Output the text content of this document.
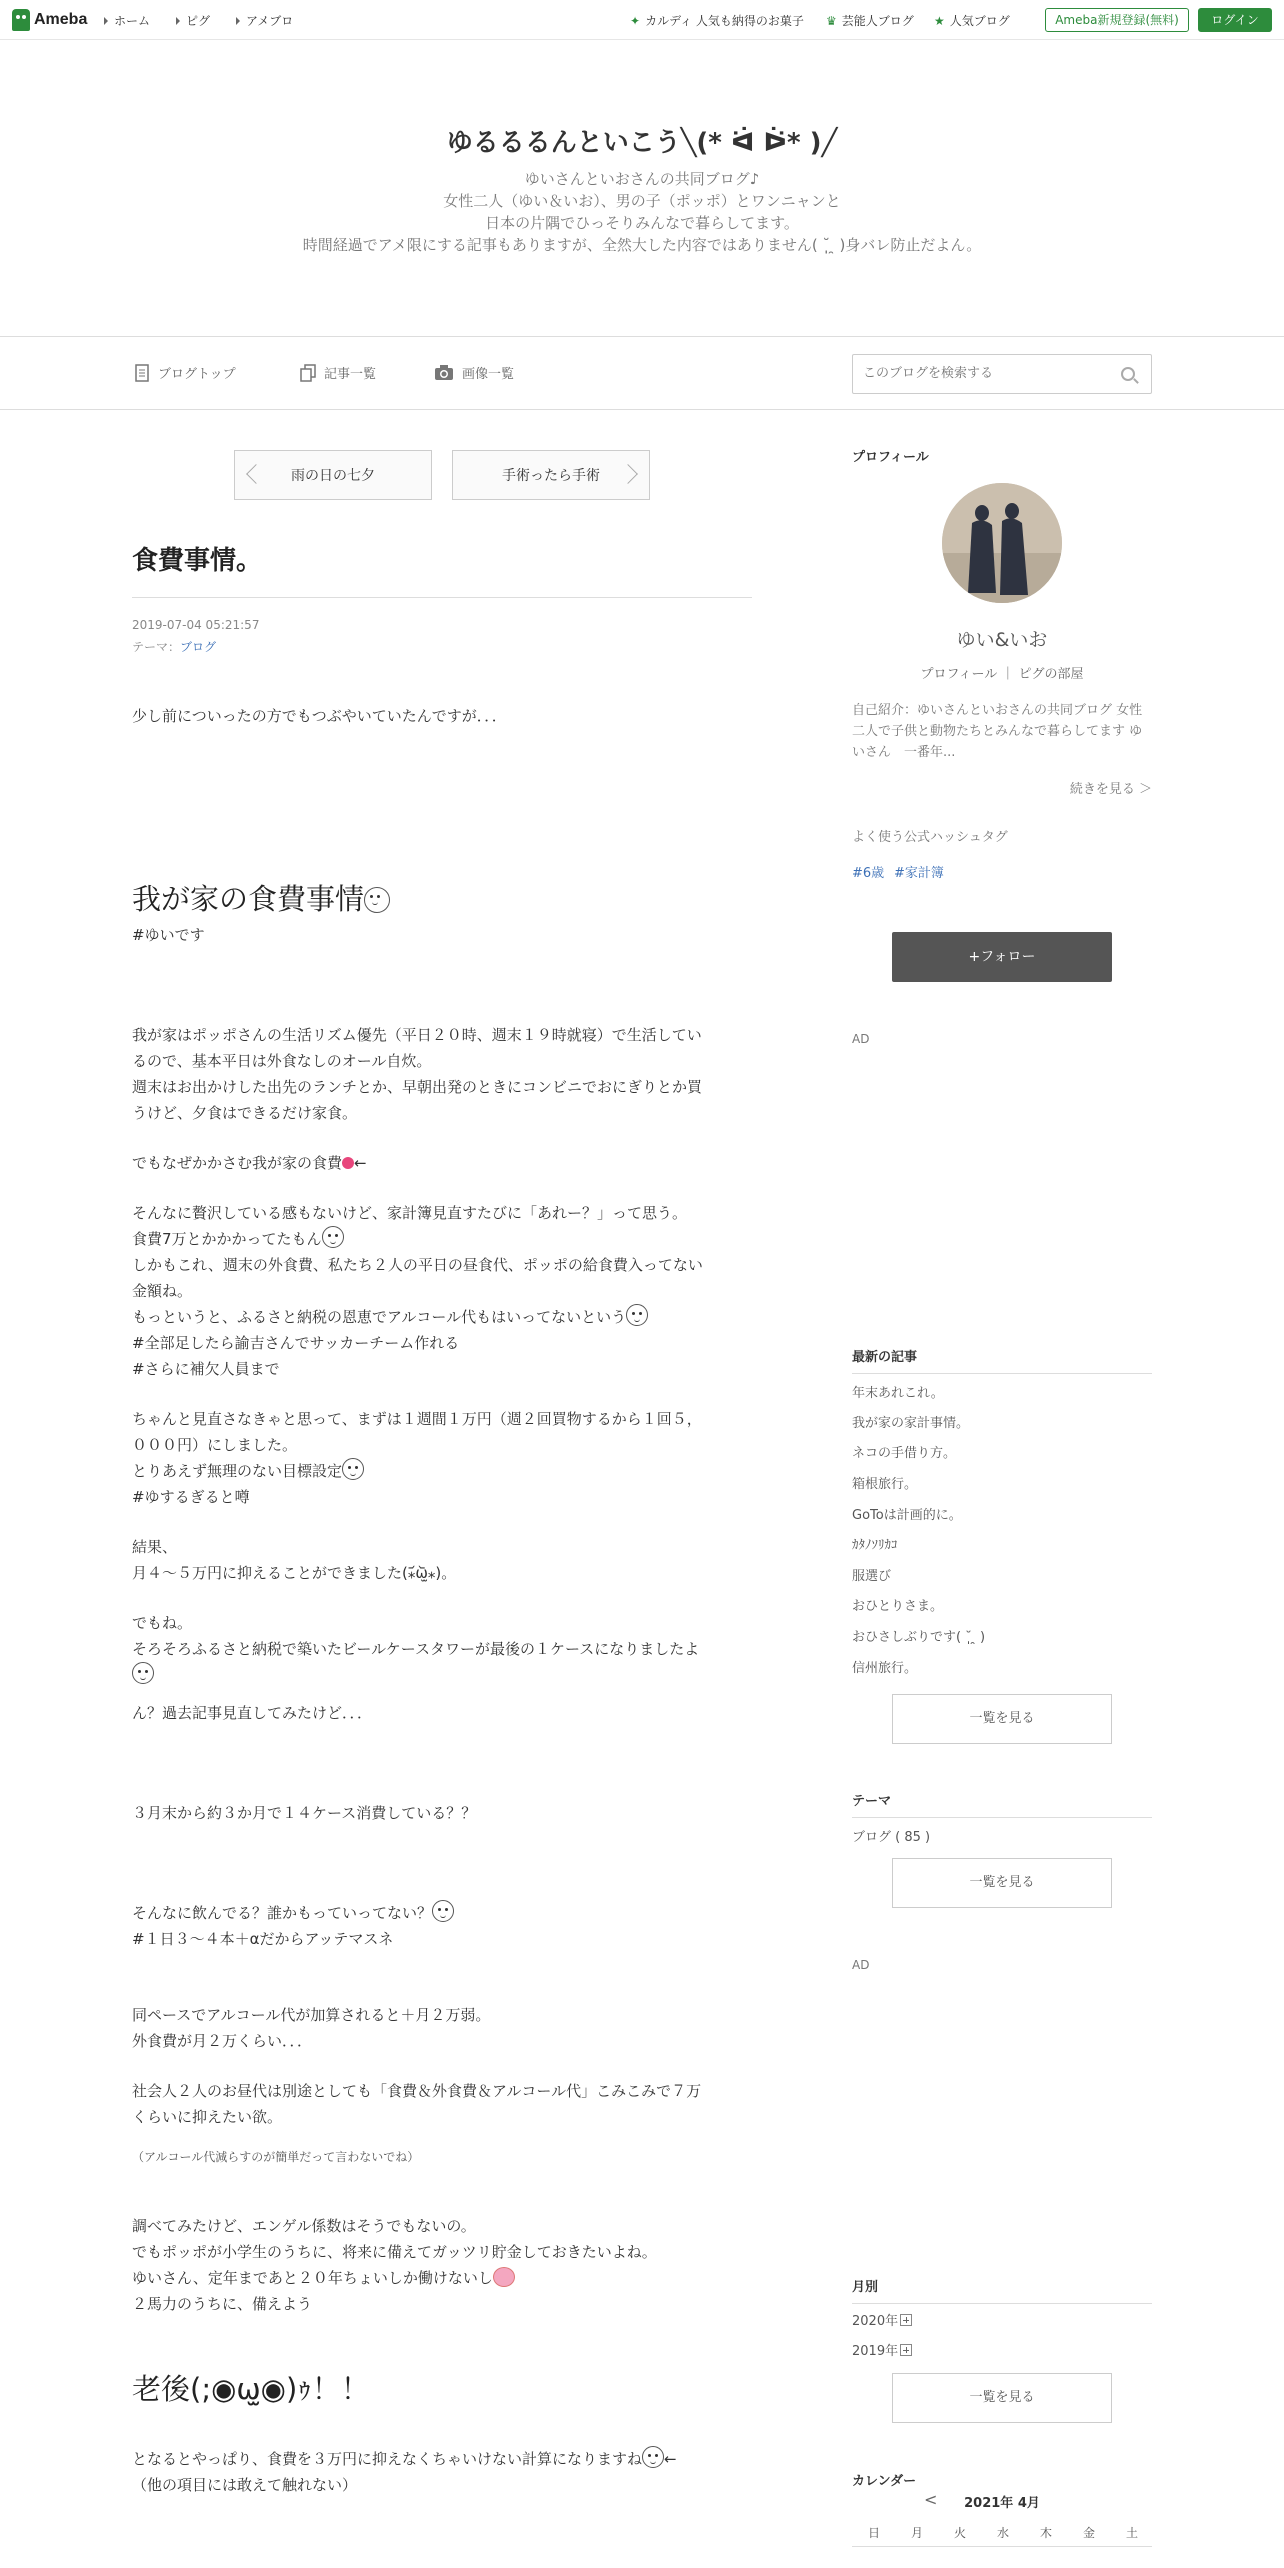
Ameba ホーム	ピグ	アメブロ	✦ カルディ 人気も納得のお菓子 ♛ 芸能人ブログ ★ 人気ブログ	Ameba新規登録(無料)	ログイン
ゆるるるんといこう╲(* ᐛ ᐖ* )╱
ゆいさんといおさんの共同ブログ♪
女性二人（ゆい＆いお）、男の子（ポッポ）とワンニャンと
日本の片隅でひっそりみんなで暮らしてます。
時間経過でアメ限にする記事もありますが、全然大した内容ではありません( ˘̩̩̩ ̯ )身バレ防止だよん。
ブログトップ	記事一覧	画像一覧
このブログを検索する
雨の日の七夕	手術ったら手術
食費事情。
2019-07-04 05:21:57
テーマ：ブログ
少し前についったの方でもつぶやいていたんですが．．．
我が家の食費事情
#ゆいです
我が家はポッポさんの生活リズム優先（平日２０時、週末１９時就寝）で生活してい
るので、基本平日は外食なしのオール自炊。
週末はお出かけした出先のランチとか、早朝出発のときにコンビニでおにぎりとか買
うけど、夕食はできるだけ家食。
でもなぜかかさむ我が家の食費 ←
そんなに贅沢している感もないけど、家計簿見直すたびに「あれー？」って思う。
食費7万とかかかってたもん
しかもこれ、週末の外食費、私たち２人の平日の昼食代、ポッポの給食費入ってない
金額ね。
もっというと、ふるさと納税の恩恵でアルコール代もはいってないという
#全部足したら諭吉さんでサッカーチーム作れる
#さらに補欠人員まで
ちゃんと見直さなきゃと思って、まずは１週間１万円（週２回買物するから１回５，
０００円）にしました。
とりあえず無理のない目標設定
#ゆするぎると噂
結果、
月４～５万円に抑えることができました(⁎᷄ω̫᷅⁎)。
でもね。
そろそろふるさと納税で築いたビールケースタワーが最後の１ケースになりましたよ
ん？過去記事見直してみたけど．．．
３月末から約３か月で１４ケース消費している？？
そんなに飲んでる？誰かもっていってない？
#１日３～４本＋αだからアッテマスネ
同ペースでアルコール代が加算されると＋月２万弱。
外食費が月２万くらい．．．
社会人２人のお昼代は別途としても「食費＆外食費＆アルコール代」こみこみで７万
くらいに抑えたい欲。
（アルコール代減らすのが簡単だって言わないでね）
調べてみたけど、エンゲル係数はそうでもないの。
でもポッポが小学生のうちに、将来に備えてガッツリ貯金しておきたいよね。
ゆいさん、定年まであと２０年ちょいしか働けないし
２馬力のうちに、備えよう
老後(;◉ω̫◉)ｩ！！
となるとやっぱり、食費を３万円に抑えなくちゃいけない計算になりますね ←
（他の項目には敢えて触れない）
プロフィール
ゆい&いお
プロフィール ｜ ピグの部屋
自己紹介：ゆいさんといおさんの共同ブログ 女性二人で子供と動物たちとみんなで暮らしてます ゆいさん　一番年...
続きを見る ＞
よく使う公式ハッシュタグ
#6歳 #家計簿
+フォロー
AD
最新の記事
年末あれこれ。
我が家の家計事情。
ネコの手借り方。
箱根旅行。
GoToは計画的に。
ｶﾀﾉｿﾘｶｺ
服選び
おひとりさま。
おひさしぶりです( ˘̩̩̩ ̯ )
信州旅行。
一覧を見る
テーマ
ブログ ( 85 )
一覧を見る
AD
月別
2020年
2019年
一覧を見る
カレンダー
<	2021年 4月
日	月	火	水	木	金	土
